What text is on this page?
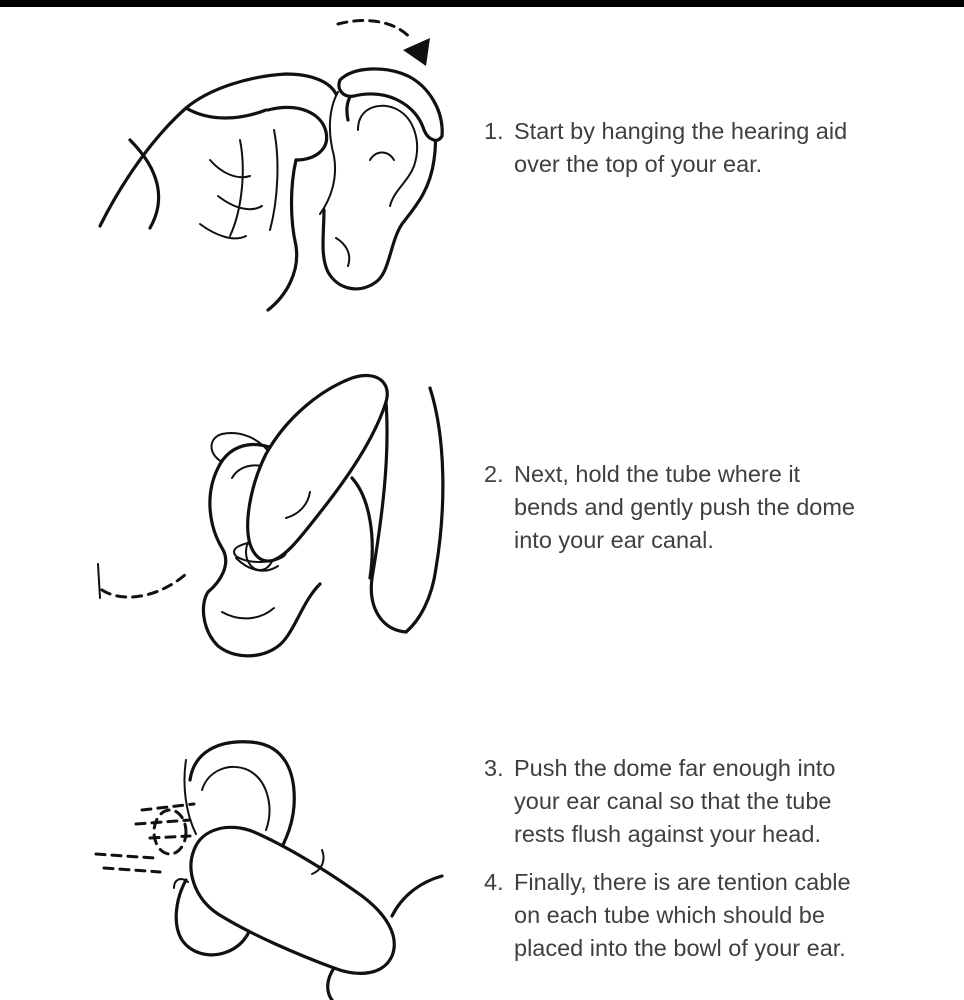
1. Start by hanging the hearing aid
over the top of your ear.
2. Next, hold the tube where it
bends and gently push the dome
into your ear canal.
3. Push the dome far enough into
your ear canal so that the tube
rests flush against your head.
4. Finally, there is are tention cable
on each tube which should be
placed into the bowl of your ear.
